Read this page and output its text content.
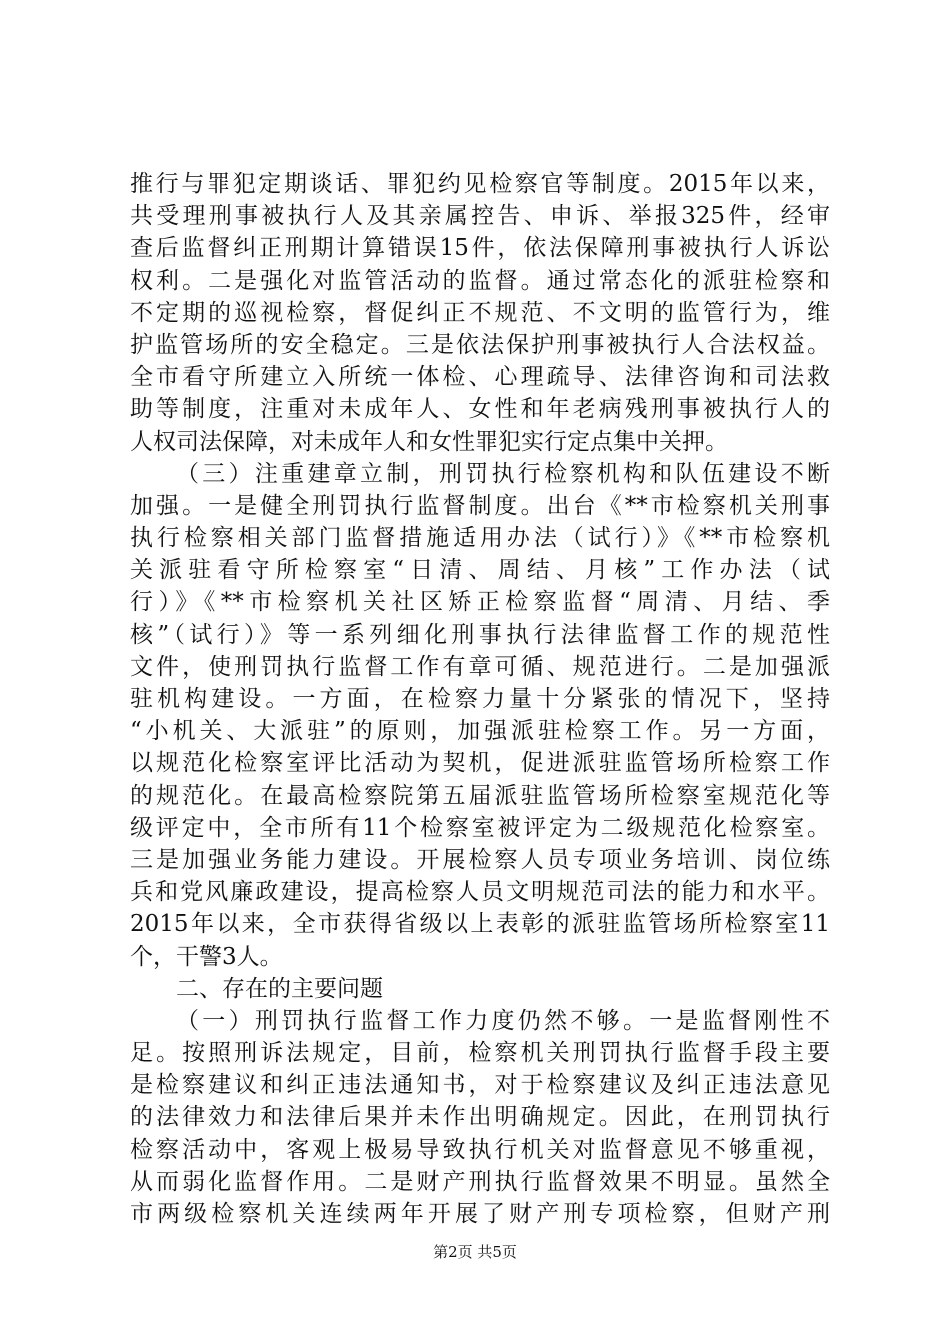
推行与罪犯定期谈话、罪犯约见检察官等制度。2015年以来，
共受理刑事被执行人及其亲属控告、申诉、举报325件，经审
查后监督纠正刑期计算错误15件，依法保障刑事被执行人诉讼
权利。二是强化对监管活动的监督。通过常态化的派驻检察和
不定期的巡视检察，督促纠正不规范、不文明的监管行为，维
护监管场所的安全稳定。三是依法保护刑事被执行人合法权益。
全市看守所建立入所统一体检、心理疏导、法律咨询和司法救
助等制度，注重对未成年人、女性和年老病残刑事被执行人的
人权司法保障，对未成年人和女性罪犯实行定点集中关押。
（三）注重建章立制，刑罚执行检察机构和队伍建设不断
加强。一是健全刑罚执行监督制度。出台《**市检察机关刑事
执行检察相关部门监督措施适用办法（试行）》《**市检察机
关派驻看守所检察室“日清、周结、月核”工作办法（试
行）》《**市检察机关社区矫正检察监督“周清、月结、季
核”（试行）》等一系列细化刑事执行法律监督工作的规范性
文件，使刑罚执行监督工作有章可循、规范进行。二是加强派
驻机构建设。一方面，在检察力量十分紧张的情况下，坚持
“小机关、大派驻”的原则，加强派驻检察工作。另一方面，
以规范化检察室评比活动为契机，促进派驻监管场所检察工作
的规范化。在最高检察院第五届派驻监管场所检察室规范化等
级评定中，全市所有11个检察室被评定为二级规范化检察室。
三是加强业务能力建设。开展检察人员专项业务培训、岗位练
兵和党风廉政建设，提高检察人员文明规范司法的能力和水平。
2015年以来，全市获得省级以上表彰的派驻监管场所检察室11
个，干警3人。
二、存在的主要问题
（一）刑罚执行监督工作力度仍然不够。一是监督刚性不
足。按照刑诉法规定，目前，检察机关刑罚执行监督手段主要
是检察建议和纠正违法通知书，对于检察建议及纠正违法意见
的法律效力和法律后果并未作出明确规定。因此，在刑罚执行
检察活动中，客观上极易导致执行机关对监督意见不够重视，
从而弱化监督作用。二是财产刑执行监督效果不明显。虽然全
市两级检察机关连续两年开展了财产刑专项检察，但财产刑
第2页 共5页
